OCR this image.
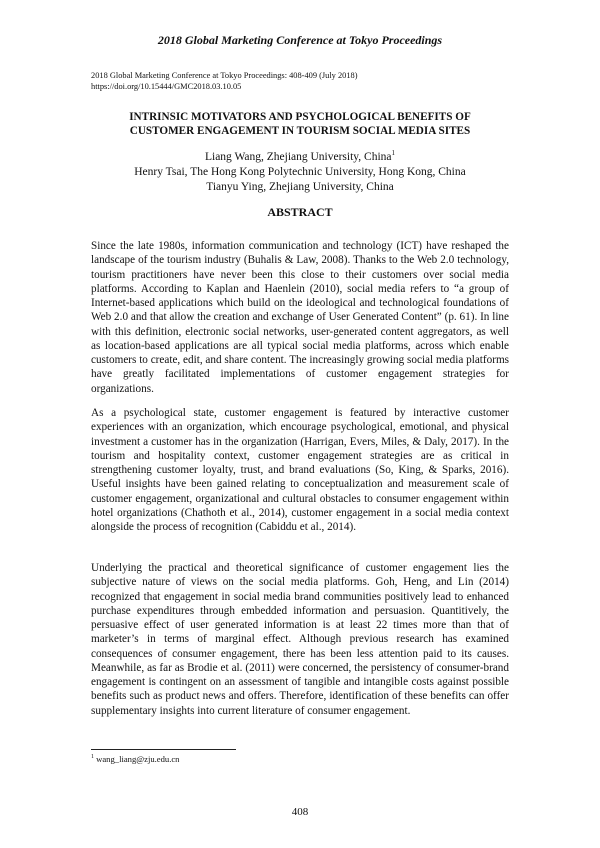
2018 Global Marketing Conference at Tokyo Proceedings
2018 Global Marketing Conference at Tokyo Proceedings: 408-409 (July 2018)
https://doi.org/10.15444/GMC2018.03.10.05
INTRINSIC MOTIVATORS AND PSYCHOLOGICAL BENEFITS OF
CUSTOMER ENGAGEMENT IN TOURISM SOCIAL MEDIA SITES
Liang Wang, Zhejiang University, China$^1$
Henry Tsai, The Hong Kong Polytechnic University, Hong Kong, China
Tianyu Ying, Zhejiang University, China
ABSTRACT
Since the late 1980s, information communication and technology (ICT) have reshaped the landscape of the tourism industry (Buhalis & Law, 2008). Thanks to the Web 2.0 technology, tourism practitioners have never been this close to their customers over social media platforms. According to Kaplan and Haenlein (2010), social media refers to “a group of Internet-based applications which build on the ideological and technological foundations of Web 2.0 and that allow the creation and exchange of User Generated Content” (p. 61). In line with this definition, electronic social networks, user-generated content aggregators, as well as location-based applications are all typical social media platforms, across which enable customers to create, edit, and share content. The increasingly growing social media platforms have greatly facilitated implementations of customer engagement strategies for organizations.
As a psychological state, customer engagement is featured by interactive customer experiences with an organization, which encourage psychological, emotional, and physical investment a customer has in the organization (Harrigan, Evers, Miles, & Daly, 2017). In the tourism and hospitality context, customer engagement strategies are as critical in strengthening customer loyalty, trust, and brand evaluations (So, King, & Sparks, 2016). Useful insights have been gained relating to conceptualization and measurement scale of customer engagement, organizational and cultural obstacles to consumer engagement within hotel organizations (Chathoth et al., 2014), customer engagement in a social media context alongside the process of recognition (Cabiddu et al., 2014).
Underlying the practical and theoretical significance of customer engagement lies the subjective nature of views on the social media platforms. Goh, Heng, and Lin (2014) recognized that engagement in social media brand communities positively lead to enhanced purchase expenditures through embedded information and persuasion. Quantitively, the persuasive effect of user generated information is at least 22 times more than that of marketer’s in terms of marginal effect. Although previous research has examined consequences of consumer engagement, there has been less attention paid to its causes. Meanwhile, as far as Brodie et al. (2011) were concerned, the persistency of consumer-brand engagement is contingent on an assessment of tangible and intangible costs against possible benefits such as product news and offers. Therefore, identification of these benefits can offer supplementary insights into current literature of consumer engagement.
$^1$ wang_liang@zju.edu.cn
408
